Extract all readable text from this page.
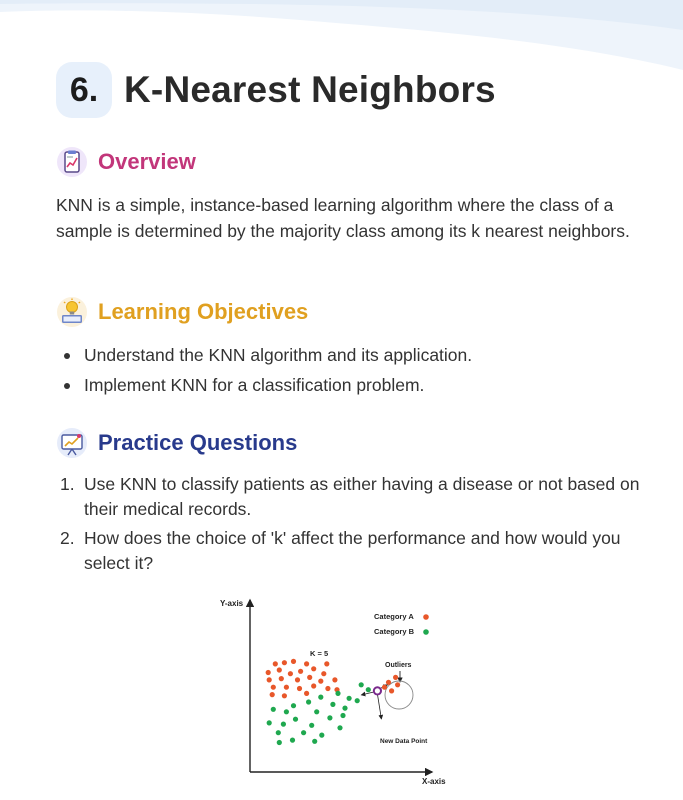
6. K-Nearest Neighbors
Overview

KNN is a simple, instance-based learning algorithm where the class of a sample is determined by the majority class among its k nearest neighbors.

Learning Objectives
Understand the KNN algorithm and its application.
Implement KNN for a classification problem.
Practice Questions
1. Use KNN to classify patients as either having a disease or not based on their medical records.
2. How does the choice of 'k' affect the performance and how would you select it?
Y-axis
X-axis
Category A
Category B
K = 5
Outliers
New Data Point
